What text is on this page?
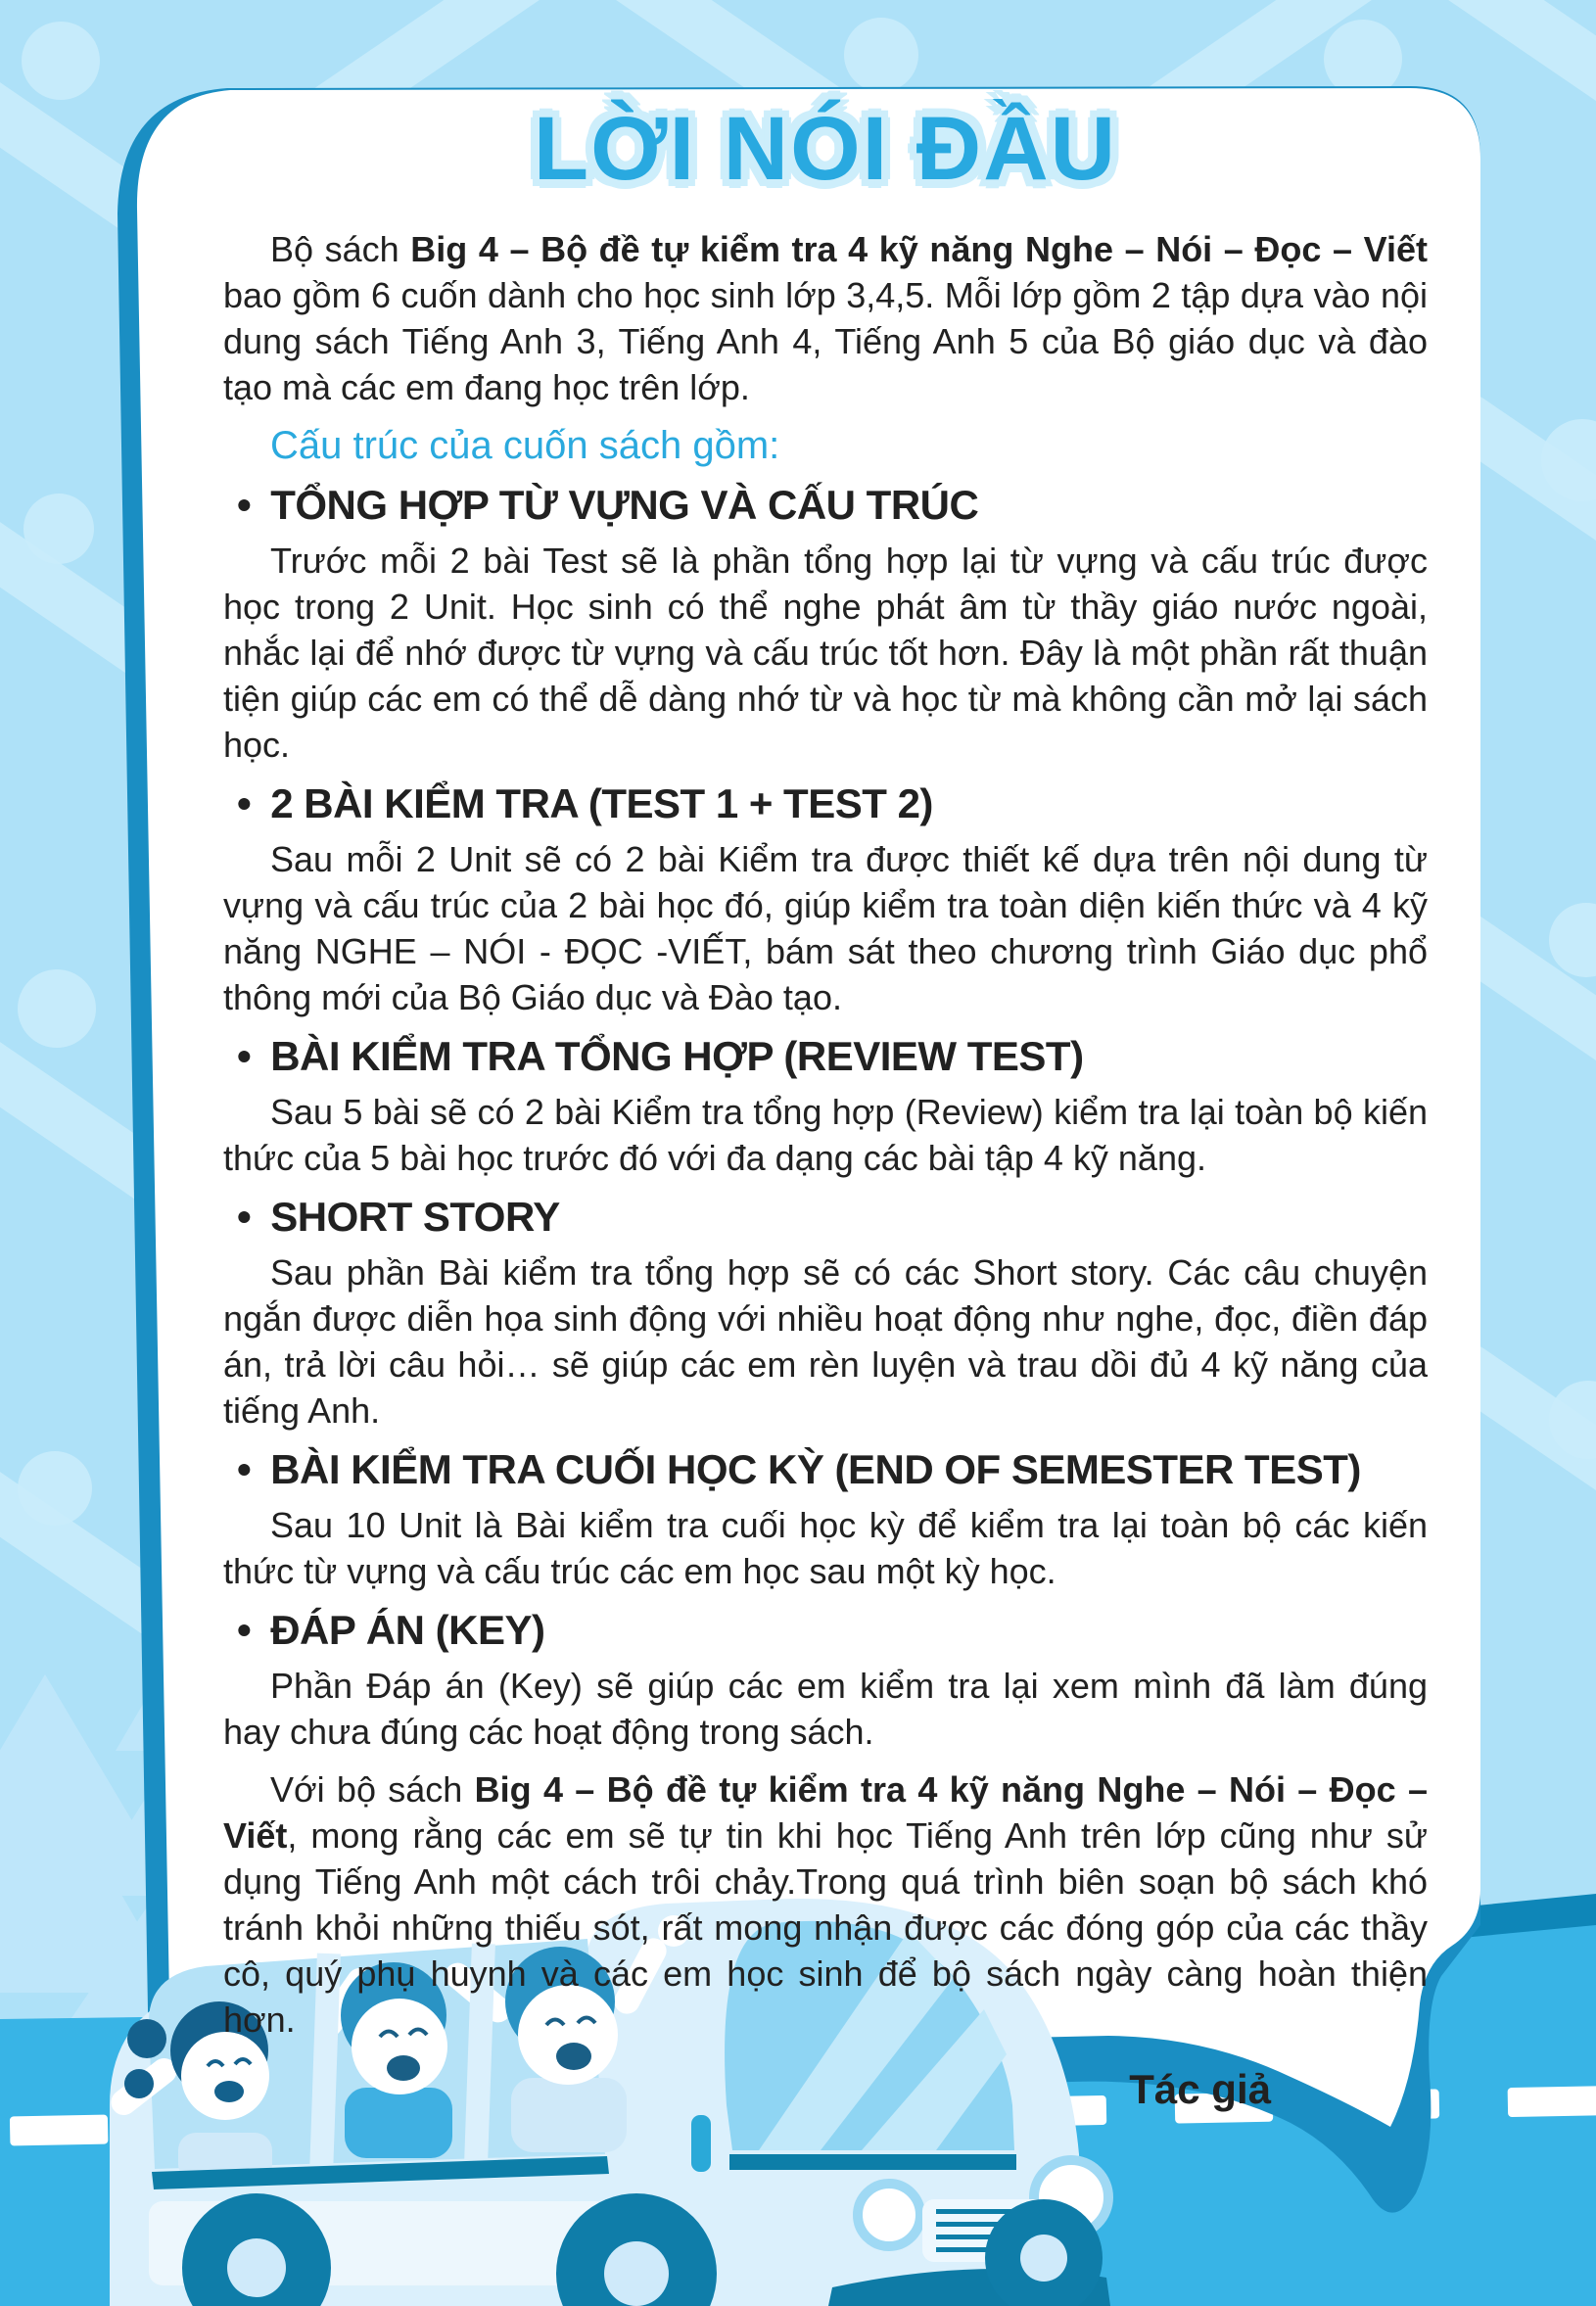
LỜI NÓI ĐẦU

Bộ sách Big 4 – Bộ đề tự kiểm tra 4 kỹ năng Nghe – Nói – Đọc – Viết bao gồm 6 cuốn dành cho học sinh lớp 3,4,5. Mỗi lớp gồm 2 tập dựa vào nội dung sách Tiếng Anh 3, Tiếng Anh 4, Tiếng Anh 5 của Bộ giáo dục và đào tạo mà các em đang học trên lớp.

Cấu trúc của cuốn sách gồm:

• TỔNG HỢP TỪ VỰNG VÀ CẤU TRÚC

Trước mỗi 2 bài Test sẽ là phần tổng hợp lại từ vựng và cấu trúc được học trong 2 Unit. Học sinh có thể nghe phát âm từ thầy giáo nước ngoài, nhắc lại để nhớ được từ vựng và cấu trúc tốt hơn. Đây là một phần rất thuận tiện giúp các em có thể dễ dàng nhớ từ và học từ mà không cần mở lại sách học.

• 2 BÀI KIỂM TRA (TEST 1 + TEST 2)

Sau mỗi 2 Unit sẽ có 2 bài Kiểm tra được thiết kế dựa trên nội dung từ vựng và cấu trúc của 2 bài học đó, giúp kiểm tra toàn diện kiến thức và 4 kỹ năng NGHE – NÓI - ĐỌC -VIẾT, bám sát theo chương trình Giáo dục phổ thông mới của Bộ Giáo dục và Đào tạo.

• BÀI KIỂM TRA TỔNG HỢP (REVIEW TEST)

Sau 5 bài sẽ có 2 bài Kiểm tra tổng hợp (Review) kiểm tra lại toàn bộ kiến thức của 5 bài học trước đó với đa dạng các bài tập 4 kỹ năng.

• SHORT STORY

Sau phần Bài kiểm tra tổng hợp sẽ có các Short story. Các câu chuyện ngắn được diễn họa sinh động với nhiều hoạt động như nghe, đọc, điền đáp án, trả lời câu hỏi… sẽ giúp các em rèn luyện và trau dồi đủ 4 kỹ năng của tiếng Anh.

• BÀI KIỂM TRA CUỐI HỌC KỲ (END OF SEMESTER TEST)

Sau 10 Unit là Bài kiểm tra cuối học kỳ để kiểm tra lại toàn bộ các kiến thức từ vựng và cấu trúc các em học sau một kỳ học.

• ĐÁP ÁN (KEY)

Phần Đáp án (Key) sẽ giúp các em kiểm tra lại xem mình đã làm đúng hay chưa đúng các hoạt động trong sách.

Với bộ sách Big 4 – Bộ đề tự kiểm tra 4 kỹ năng Nghe – Nói – Đọc – Viết, mong rằng các em sẽ tự tin khi học Tiếng Anh trên lớp cũng như sử dụng Tiếng Anh một cách trôi chảy.Trong quá trình biên soạn bộ sách khó tránh khỏi những thiếu sót, rất mong nhận được các đóng góp của các thầy cô, quý phụ huynh và các em học sinh để bộ sách ngày càng hoàn thiện hơn.

Tác giả
